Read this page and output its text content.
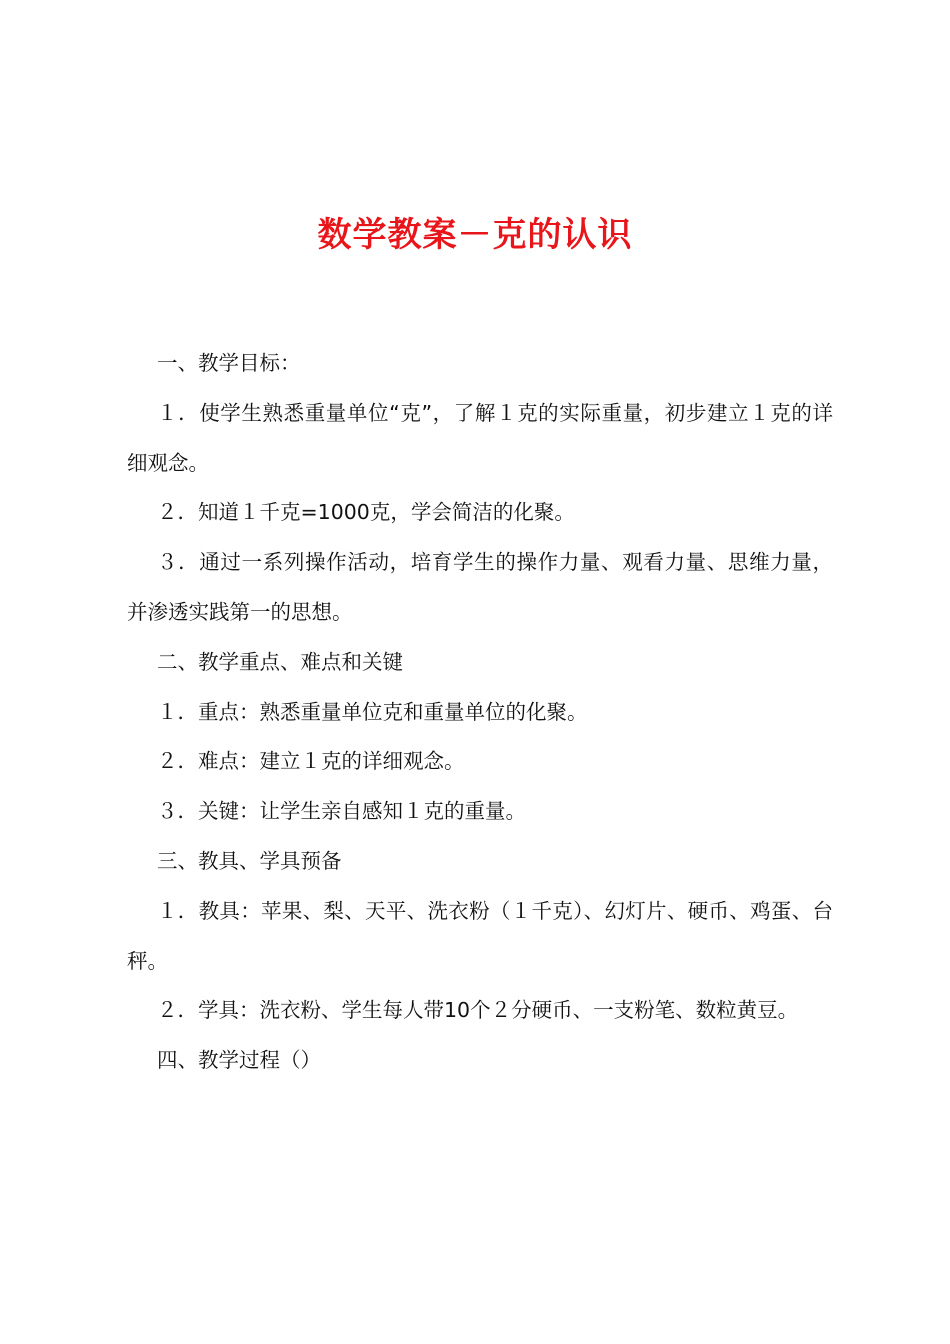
数学教案－克的认识

一、教学目标：

１．使学生熟悉重量单位“克”，了解１克的实际重量，初步建立１克的详细观念。

２．知道１千克=1000克，学会简洁的化聚。

３．通过一系列操作活动，培育学生的操作力量、观看力量、思维力量，并渗透实践第一的思想。

二、教学重点、难点和关键

１．重点：熟悉重量单位克和重量单位的化聚。

２．难点：建立１克的详细观念。

３．关键：让学生亲自感知１克的重量。

三、教具、学具预备

１．教具：苹果、梨、天平、洗衣粉（１千克）、幻灯片、硬币、鸡蛋、台秤。

２．学具：洗衣粉、学生每人带10个２分硬币、一支粉笔、数粒黄豆。

四、教学过程（）
